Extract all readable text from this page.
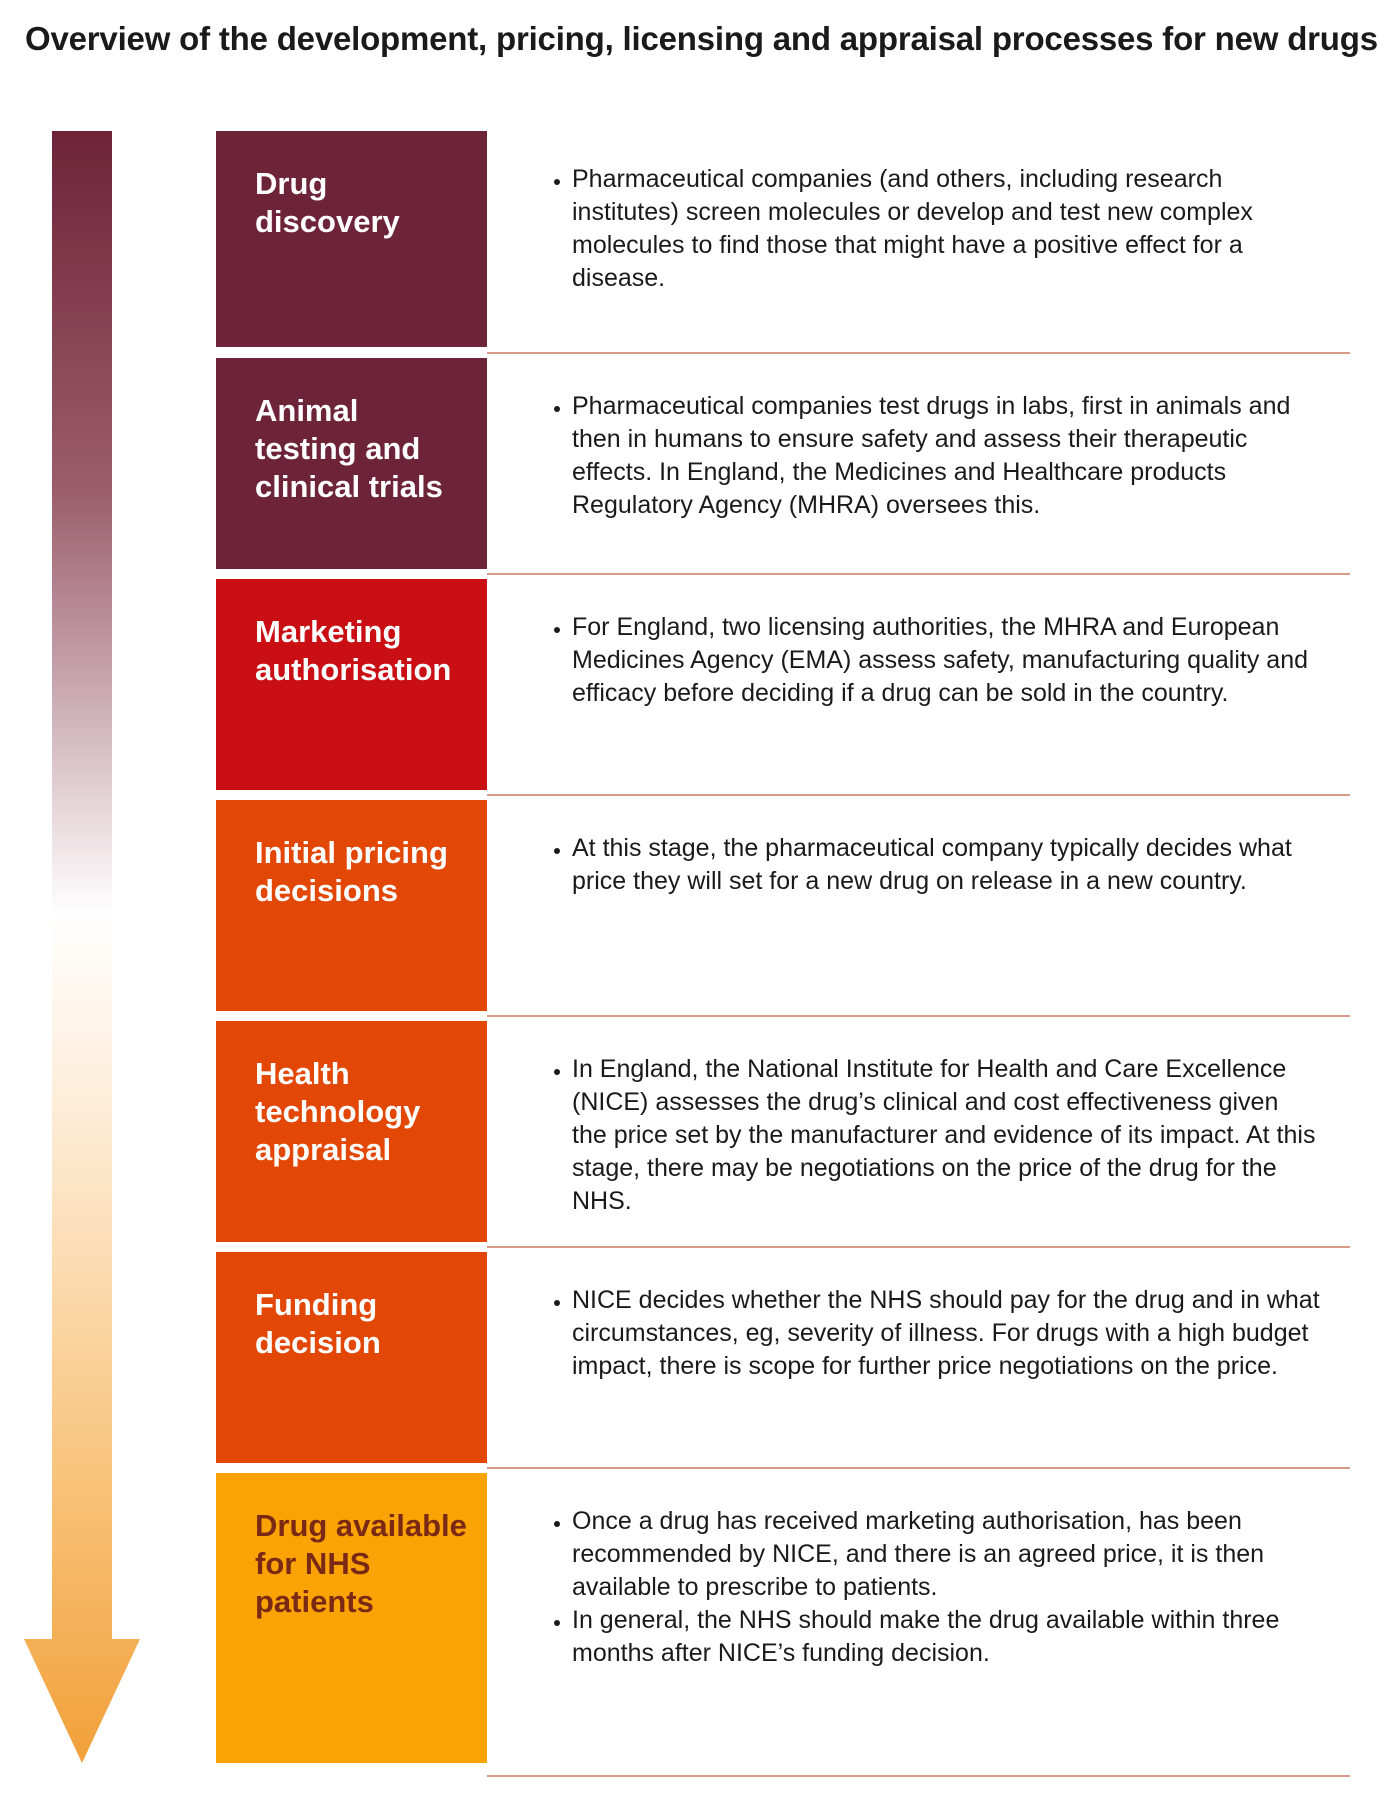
Overview of the development, pricing, licensing and appraisal processes for new drugs
Drug discovery
• Pharmaceutical companies (and others, including research institutes) screen molecules or develop and test new complex molecules to find those that might have a positive effect for a disease.
Animal testing and clinical trials
• Pharmaceutical companies test drugs in labs, first in animals and then in humans to ensure safety and assess their therapeutic effects. In England, the Medicines and Healthcare products Regulatory Agency (MHRA) oversees this.
Marketing authorisation
• For England, two licensing authorities, the MHRA and European Medicines Agency (EMA) assess safety, manufacturing quality and efficacy before deciding if a drug can be sold in the country.
Initial pricing decisions
• At this stage, the pharmaceutical company typically decides what price they will set for a new drug on release in a new country.
Health technology appraisal
• In England, the National Institute for Health and Care Excellence (NICE) assesses the drug’s clinical and cost effectiveness given the price set by the manufacturer and evidence of its impact. At this stage, there may be negotiations on the price of the drug for the NHS.
Funding decision
• NICE decides whether the NHS should pay for the drug and in what circumstances, eg, severity of illness. For drugs with a high budget impact, there is scope for further price negotiations on the price.
Drug available for NHS patients
• Once a drug has received marketing authorisation, has been recommended by NICE, and there is an agreed price, it is then available to prescribe to patients.
• In general, the NHS should make the drug available within three months after NICE’s funding decision.
